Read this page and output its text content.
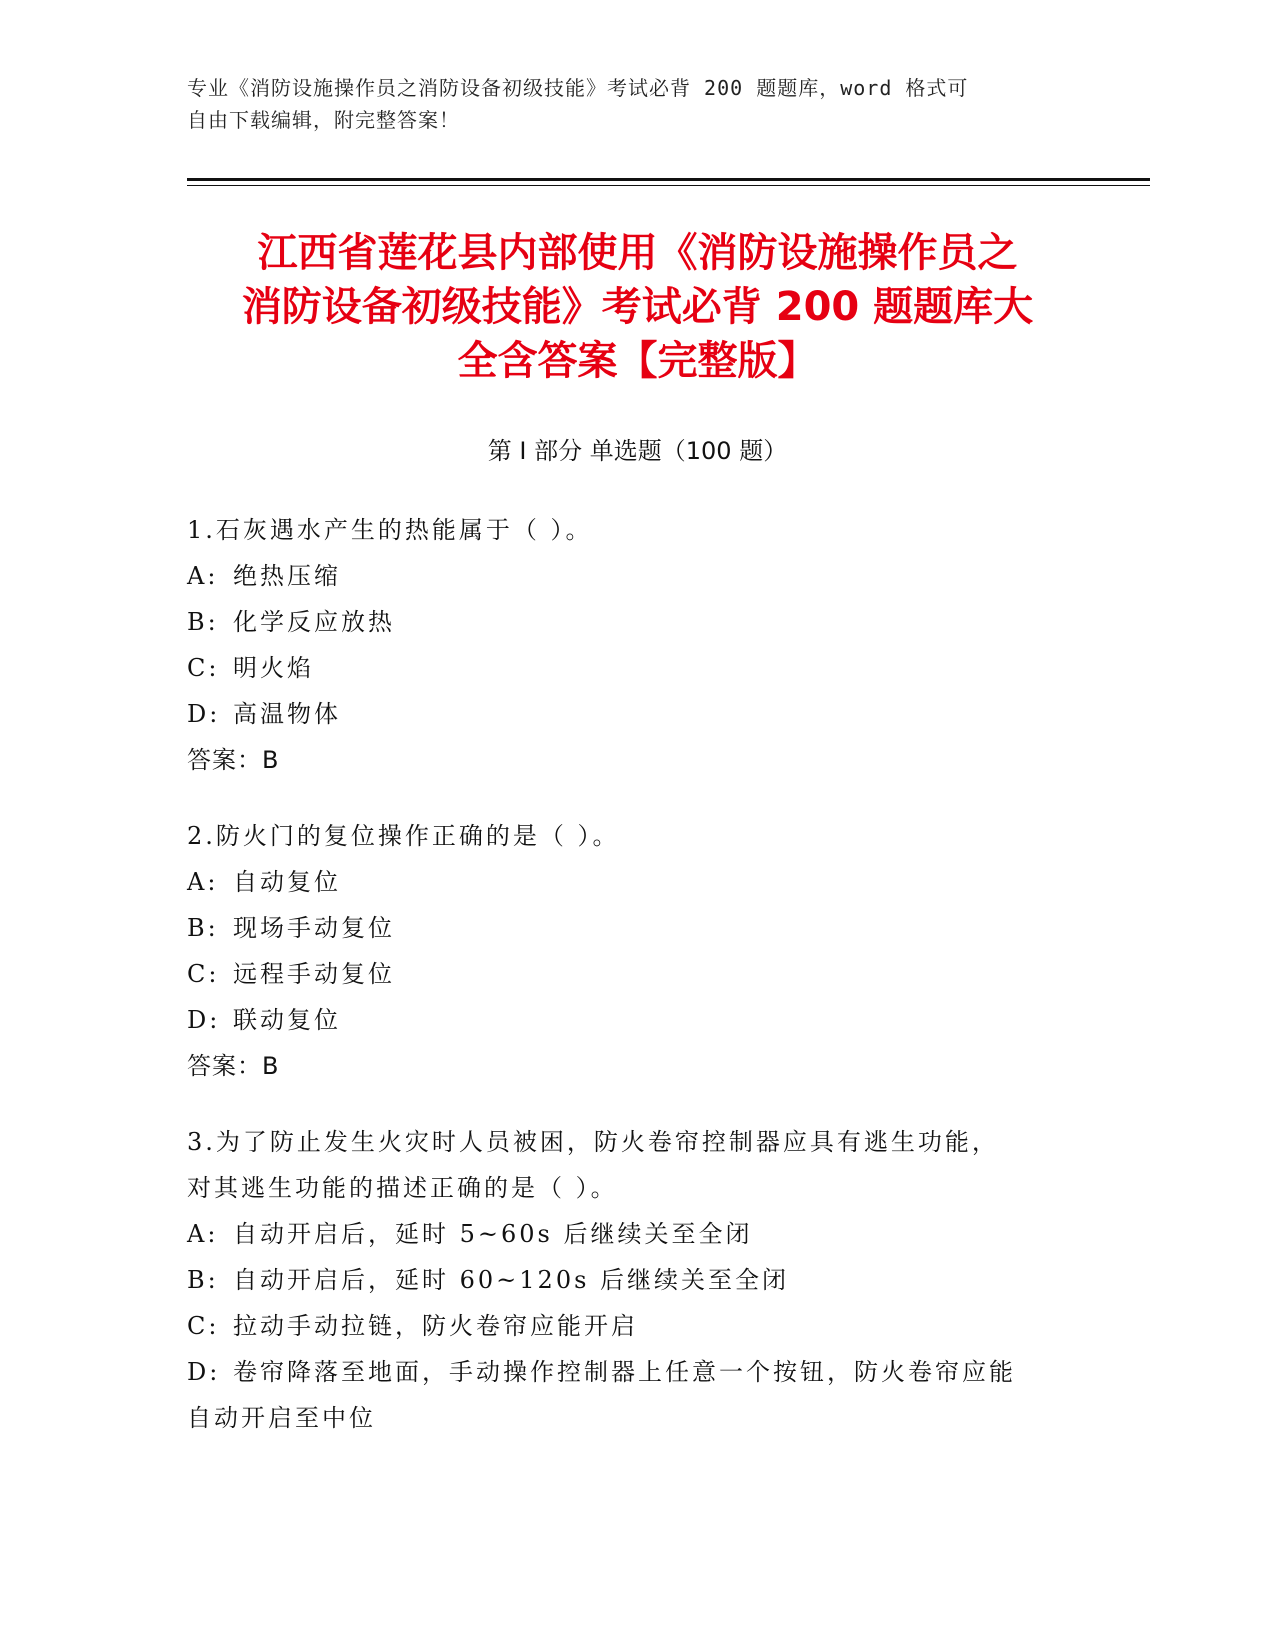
专业《消防设施操作员之消防设备初级技能》考试必背 200 题题库，word 格式可
自由下载编辑，附完整答案！
江西省莲花县内部使用《消防设施操作员之
消防设备初级技能》考试必背 200 题题库大
全含答案【完整版】
第 I 部分 单选题（100 题）
1.石灰遇水产生的热能属于（ ）。
A: 绝热压缩
B: 化学反应放热
C: 明火焰
D: 高温物体
答案：B
2.防火门的复位操作正确的是（ ）。
A: 自动复位
B: 现场手动复位
C: 远程手动复位
D: 联动复位
答案：B
3.为了防止发生火灾时人员被困，防火卷帘控制器应具有逃生功能，
对其逃生功能的描述正确的是（ ）。
A: 自动开启后，延时 5~60s 后继续关至全闭
B: 自动开启后，延时 60~120s 后继续关至全闭
C: 拉动手动拉链，防火卷帘应能开启
D: 卷帘降落至地面，手动操作控制器上任意一个按钮，防火卷帘应能
自动开启至中位
